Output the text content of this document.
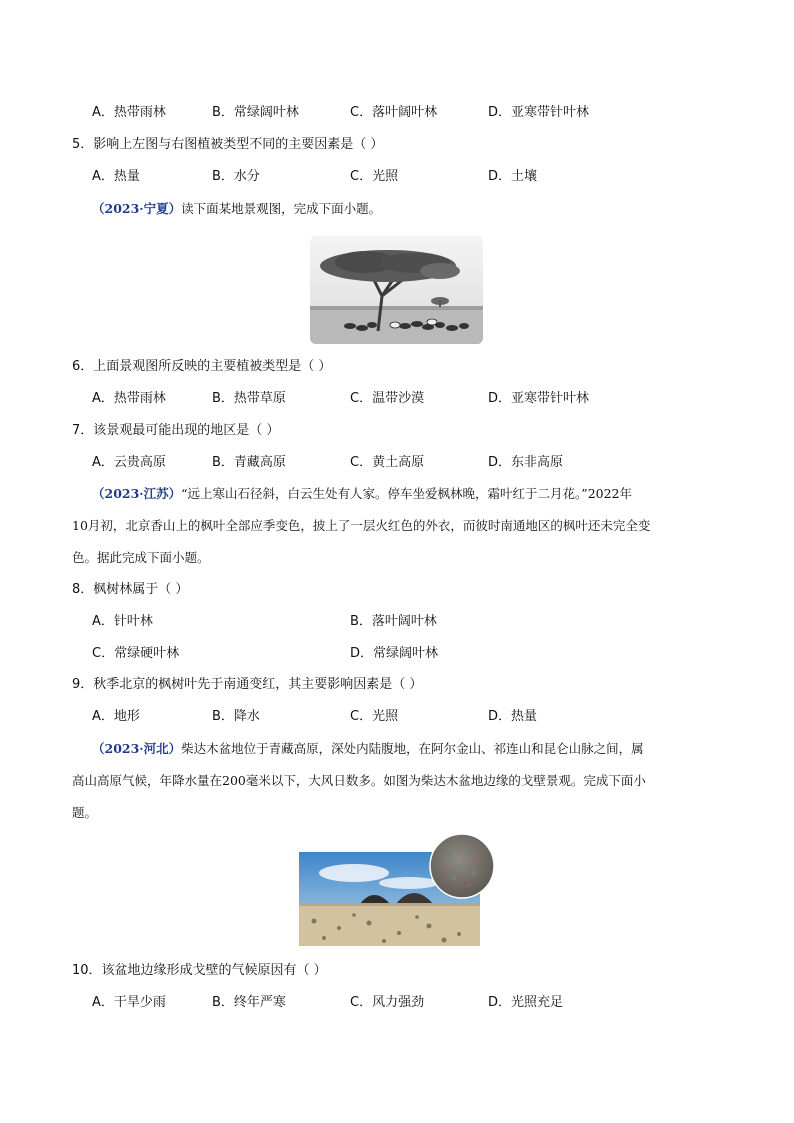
A．热带雨林	B．常绿阔叶林	C．落叶阔叶林	D．亚寒带针叶林
5．影响上左图与右图植被类型不同的主要因素是（ ）
A．热量	B．水分	C．光照	D．土壤
（2023·宁夏）读下面某地景观图，完成下面小题。
6．上面景观图所反映的主要植被类型是（ ）
A．热带雨林	B．热带草原	C．温带沙漠	D．亚寒带针叶林
7．该景观最可能出现的地区是（ ）
A．云贵高原	B．青藏高原	C．黄土高原	D．东非高原
（2023·江苏）“远上寒山石径斜，白云生处有人家。停车坐爱枫林晚，霜叶红于二月花。”2022年
10月初，北京香山上的枫叶全部应季变色，披上了一层火红色的外衣，而彼时南通地区的枫叶还未完全变
色。据此完成下面小题。
8．枫树林属于（ ）
A．针叶林	B．落叶阔叶林
C．常绿硬叶林	D．常绿阔叶林
9．秋季北京的枫树叶先于南通变红，其主要影响因素是（ ）
A．地形	B．降水	C．光照	D．热量
（2023·河北）柴达木盆地位于青藏高原，深处内陆腹地，在阿尔金山、祁连山和昆仑山脉之间，属
高山高原气候，年降水量在200毫米以下，大风日数多。如图为柴达木盆地边缘的戈壁景观。完成下面小
题。
10．该盆地边缘形成戈壁的气候原因有（ ）
A．干旱少雨	B．终年严寒	C．风力强劲	D．光照充足
